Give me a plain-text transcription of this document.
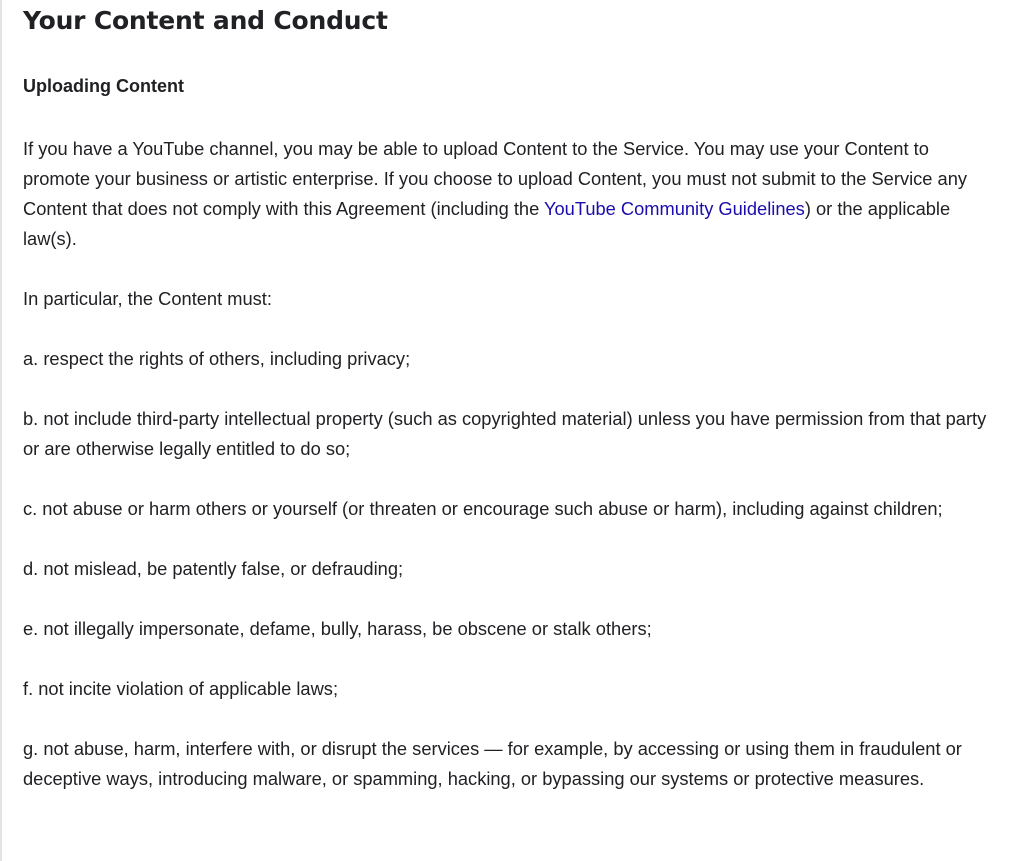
Your Content and Conduct
Uploading Content

If you have a YouTube channel, you may be able to upload Content to the Service. You may use your Content to promote your business or artistic enterprise. If you choose to upload Content, you must not submit to the Service any Content that does not comply with this Agreement (including the YouTube Community Guidelines) or the applicable law(s).

In particular, the Content must:

a. respect the rights of others, including privacy;

b. not include third-party intellectual property (such as copyrighted material) unless you have permission from that party or are otherwise legally entitled to do so;

c. not abuse or harm others or yourself (or threaten or encourage such abuse or harm), including against children;

d. not mislead, be patently false, or defrauding;

e. not illegally impersonate, defame, bully, harass, be obscene or stalk others;

f. not incite violation of applicable laws;

g. not abuse, harm, interfere with, or disrupt the services — for example, by accessing or using them in fraudulent or deceptive ways, introducing malware, or spamming, hacking, or bypassing our systems or protective measures.
